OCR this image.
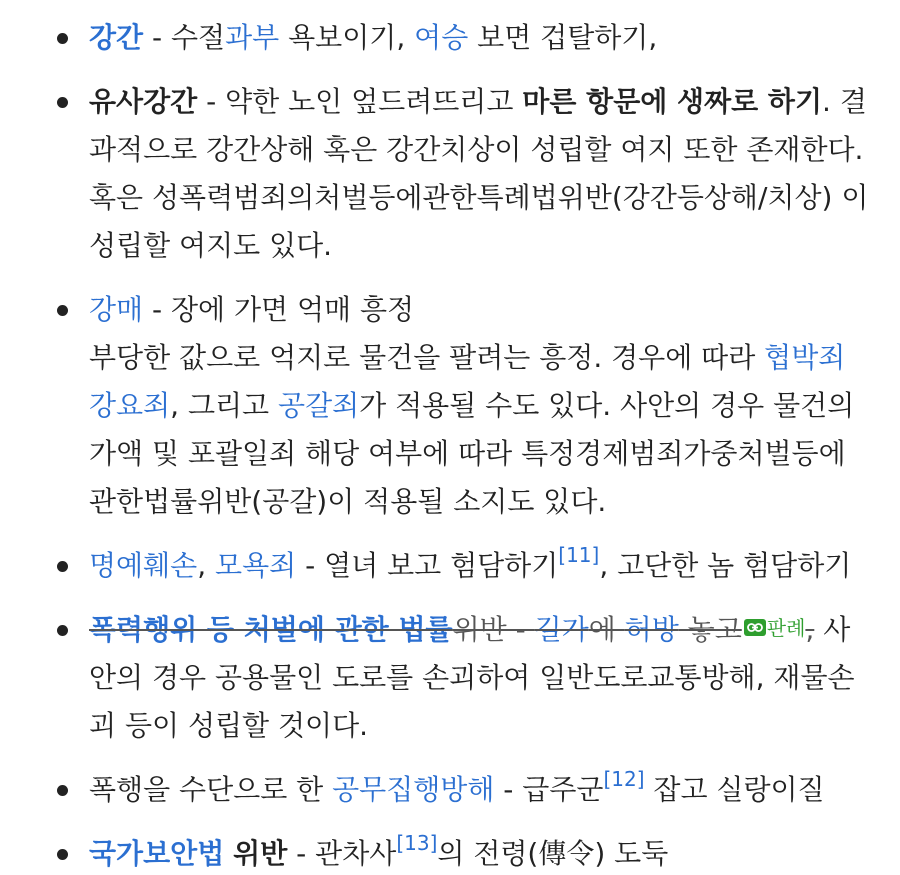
강간 - 수절과부 욕보이기, 여승 보면 겁탈하기,
유사강간 - 약한 노인 엎드려뜨리고 마른 항문에 생짜로 하기. 결과적으로 강간상해 혹은 강간치상이 성립할 여지 또한 존재한다. 혹은 성폭력범죄의처벌등에관한특례법위반(강간등상해/치상) 이 성립할 여지도 있다.
강매 - 장에 가면 억매 흥정
부당한 값으로 억지로 물건을 팔려는 흥정. 경우에 따라 협박죄 강요죄, 그리고 공갈죄가 적용될 수도 있다. 사안의 경우 물건의 가액 및 포괄일죄 해당 여부에 따라 특정경제범죄가중처벌등에관한법률위반(공갈)이 적용될 소지도 있다.
명예훼손, 모욕죄 - 열녀 보고 험담하기[11], 고단한 놈 험담하기
폭력행위 등 처벌에 관한 법률위반 - 길가에 허방 놓고 판례, 사안의 경우 공용물인 도로를 손괴하여 일반도로교통방해, 재물손괴 등이 성립할 것이다.
폭행을 수단으로 한 공무집행방해 - 급주군[12] 잡고 실랑이질
국가보안법 위반 - 관차사[13]의 전령(傳令) 도둑
